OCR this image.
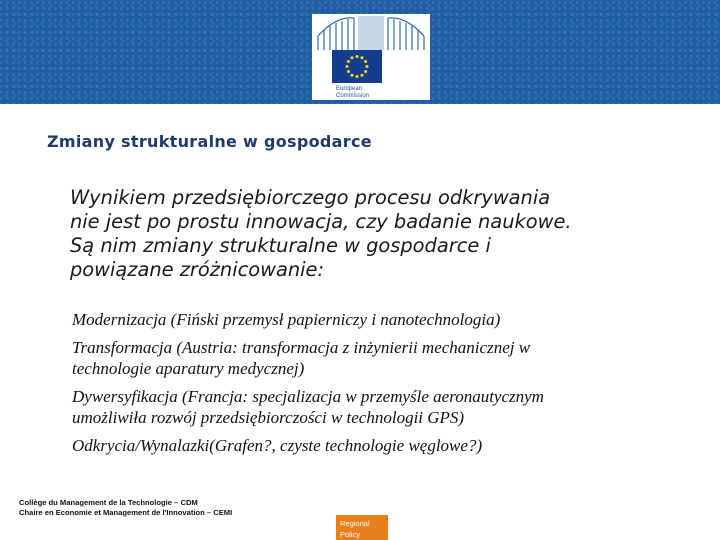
European
Commission
Zmiany strukturalne w gospodarce
Wynikiem przedsiębiorczego procesu odkrywania
nie jest po prostu innowacja, czy badanie naukowe.
Są nim zmiany strukturalne w gospodarce i
powiązane zróżnicowanie:
Modernizacja (Fiński przemysł papierniczy i nanotechnologia)
Transformacja (Austria: transformacja z inżynierii mechanicznej w
technologie aparatury medycznej)
Dywersyfikacja (Francja: specjalizacja w przemyśle aeronautycznym
umożliwiła rozwój przedsiębiorczości w technologii GPS)
Odkrycia/Wynalazki(Grafen?, czyste technologie węglowe?)
Collège du Management de la Technologie – CDM
Chaire en Economie et Management de l'Innovation – CEMI
Regional
Policy
